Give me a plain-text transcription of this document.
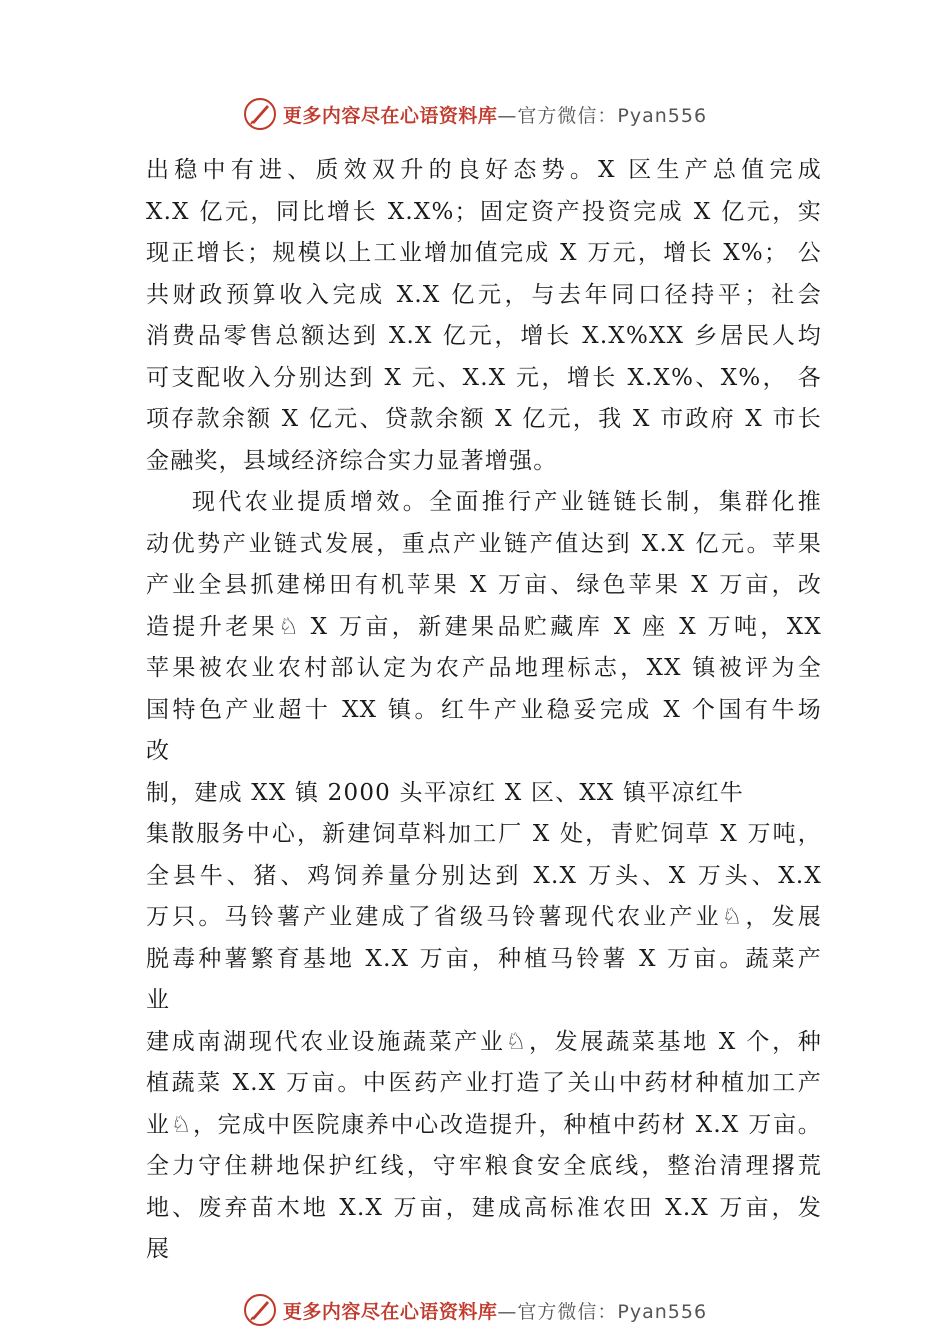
更多内容尽在心语资料库 —官方微信：Pyan556
出稳中有进、质效双升的良好态势。X 区生产总值完成
X.X 亿元，同比增长 X.X%；固定资产投资完成 X 亿元，实
现正增长；规模以上工业增加值完成 X 万元，增长 X%； 公
共财政预算收入完成 X.X 亿元，与去年同口径持平；社会
消费品零售总额达到 X.X 亿元，增长 X.X%XX 乡居民人均
可支配收入分别达到 X 元、X.X 元，增长 X.X%、X%， 各
项存款余额 X 亿元、贷款余额 X 亿元，我 X 市政府 X 市长
金融奖，县域经济综合实力显著增强。
现代农业提质增效。全面推行产业链链长制，集群化推
动优势产业链式发展，重点产业链产值达到 X.X 亿元。苹果
产业全县抓建梯田有机苹果 X 万亩、绿色苹果 X 万亩，改
造提升老果♘ X 万亩，新建果品贮藏库 X 座 X 万吨，XX
苹果被农业农村部认定为农产品地理标志，XX 镇被评为全
国特色产业超十 XX 镇。红牛产业稳妥完成 X 个国有牛场
改
制，建成 XX 镇 2000 头平凉红 X 区、XX 镇平凉红牛
集散服务中心，新建饲草料加工厂 X 处，青贮饲草 X 万吨，
全县牛、猪、鸡饲养量分别达到 X.X 万头、X 万头、X.X
万只。马铃薯产业建成了省级马铃薯现代农业产业♘，发展
脱毒种薯繁育基地 X.X 万亩，种植马铃薯 X 万亩。蔬菜产
业
建成南湖现代农业设施蔬菜产业♘，发展蔬菜基地 X 个，种
植蔬菜 X.X 万亩。中医药产业打造了关山中药材种植加工产
业♘，完成中医院康养中心改造提升，种植中药材 X.X 万亩。
全力守住耕地保护红线，守牢粮食安全底线，整治清理撂荒
地、废弃苗木地 X.X 万亩，建成高标准农田 X.X 万亩，发
展
更多内容尽在心语资料库 —官方微信：Pyan556
